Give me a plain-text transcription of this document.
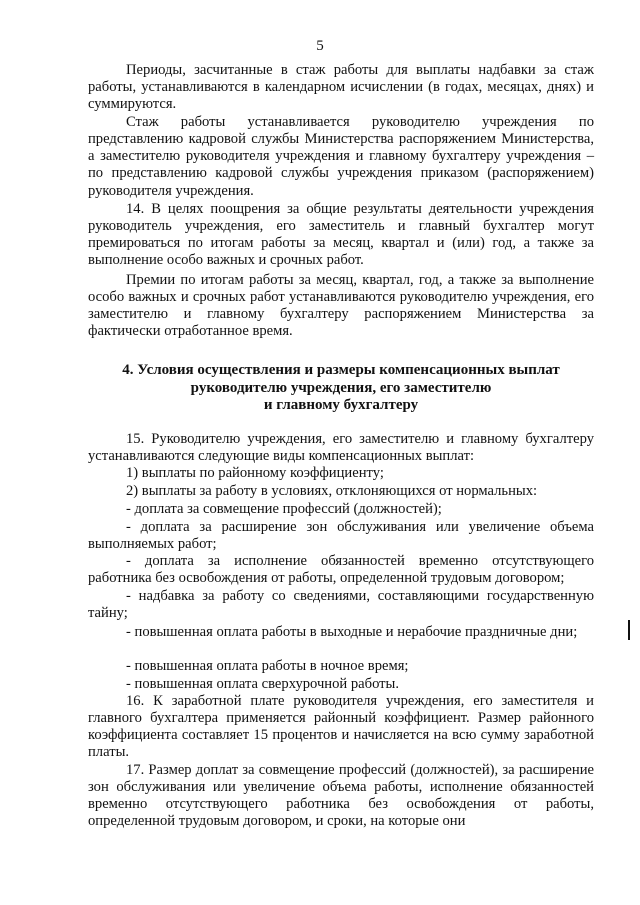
5
Периоды, засчитанные в стаж работы для выплаты надбавки за стаж работы, устанавливаются в календарном исчислении (в годах, месяцах, днях) и суммируются.
Стаж работы устанавливается руководителю учреждения по представлению кадровой службы Министерства распоряжением Министерства, а заместителю руководителя учреждения и главному бухгалтеру учреждения – по представлению кадровой службы учреждения приказом (распоряжением) руководителя учреждения.
14. В целях поощрения за общие результаты деятельности учреждения руководитель учреждения, его заместитель и главный бухгалтер могут премироваться по итогам работы за месяц, квартал и (или) год, а также за выполнение особо важных и срочных работ.
Премии по итогам работы за месяц, квартал, год, а также за выполнение особо важных и срочных работ устанавливаются руководителю учреждения, его заместителю и главному бухгалтеру распоряжением Министерства за фактически отработанное время.
4. Условия осуществления и размеры компенсационных выплат
руководителю учреждения, его заместителю
и главному бухгалтеру
15. Руководителю учреждения, его заместителю и главному бухгалтеру устанавливаются следующие виды компенсационных выплат:
1) выплаты по районному коэффициенту;
2) выплаты за работу в условиях, отклоняющихся от нормальных:
- доплата за совмещение профессий (должностей);
- доплата за расширение зон обслуживания или увеличение объема выполняемых работ;
- доплата за исполнение обязанностей временно отсутствующего работника без освобождения от работы, определенной трудовым договором;
- надбавка за работу со сведениями, составляющими государственную тайну;
- повышенная оплата работы в выходные и нерабочие праздничные дни;
- повышенная оплата работы в ночное время;
- повышенная оплата сверхурочной работы.
16. К заработной плате руководителя учреждения, его заместителя и главного бухгалтера применяется районный коэффициент. Размер районного коэффициента составляет 15 процентов и начисляется на всю сумму заработной платы.
17. Размер доплат за совмещение профессий (должностей), за расширение зон обслуживания или увеличение объема работы, исполнение обязанностей временно отсутствующего работника без освобождения от работы, определенной трудовым договором, и сроки, на которые они
